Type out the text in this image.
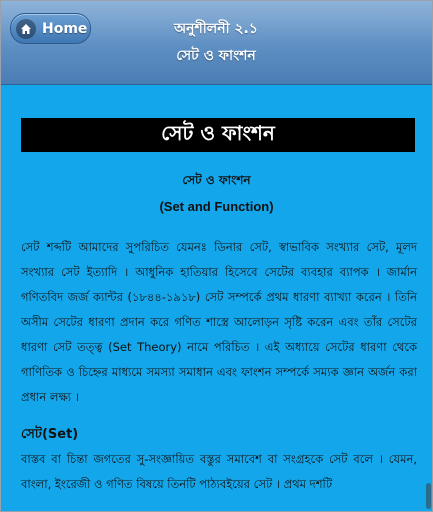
Home	অনুশীলনী ২.১
সেট ও ফাংশন
সেট ও ফাংশন
সেট ও ফাংশন
(Set and Function)
সেট শব্দটি আমাদের সুপরিচিত যেমনঃ ডিনার সেট, স্বাভাবিক সংখ্যার সেট, মূলদ সংখ্যার সেট ইত্যাদি । আধুনিক হাতিয়ার হিসেবে সেটের ব্যবহার ব্যাপক । জার্মান গণিতবিদ জর্জ ক্যান্টর (১৮৪৪-১৯১৮) সেট সম্পর্কে প্রথম ধারণা ব্যাখ্যা করেন । তিনি অসীম সেটের ধারণা প্রদান করে গণিত শাস্ত্রে আলোড়ন সৃষ্টি করেন এবং তাঁর সেটের ধারণা সেট তত্ত্ব (Set Theory) নামে পরিচিত । এই অধ্যায়ে সেটের ধারণা থেকে গাণিতিক ও চিহ্নের মাধ্যমে সমস্যা সমাধান এবং ফাংশন সম্পর্কে সম্যক জ্ঞান অর্জন করা প্রধান লক্ষ্য ।
সেট(Set)
বাস্তব বা চিন্তা জগতের সু-সংজ্ঞায়িত বস্তুর সমাবেশ বা সংগ্রহকে সেট বলে । যেমন, বাংলা, ইংরেজী ও গণিত বিষয়ে তিনটি পাঠ্যবইয়ের সেট । প্রথম দশটি
